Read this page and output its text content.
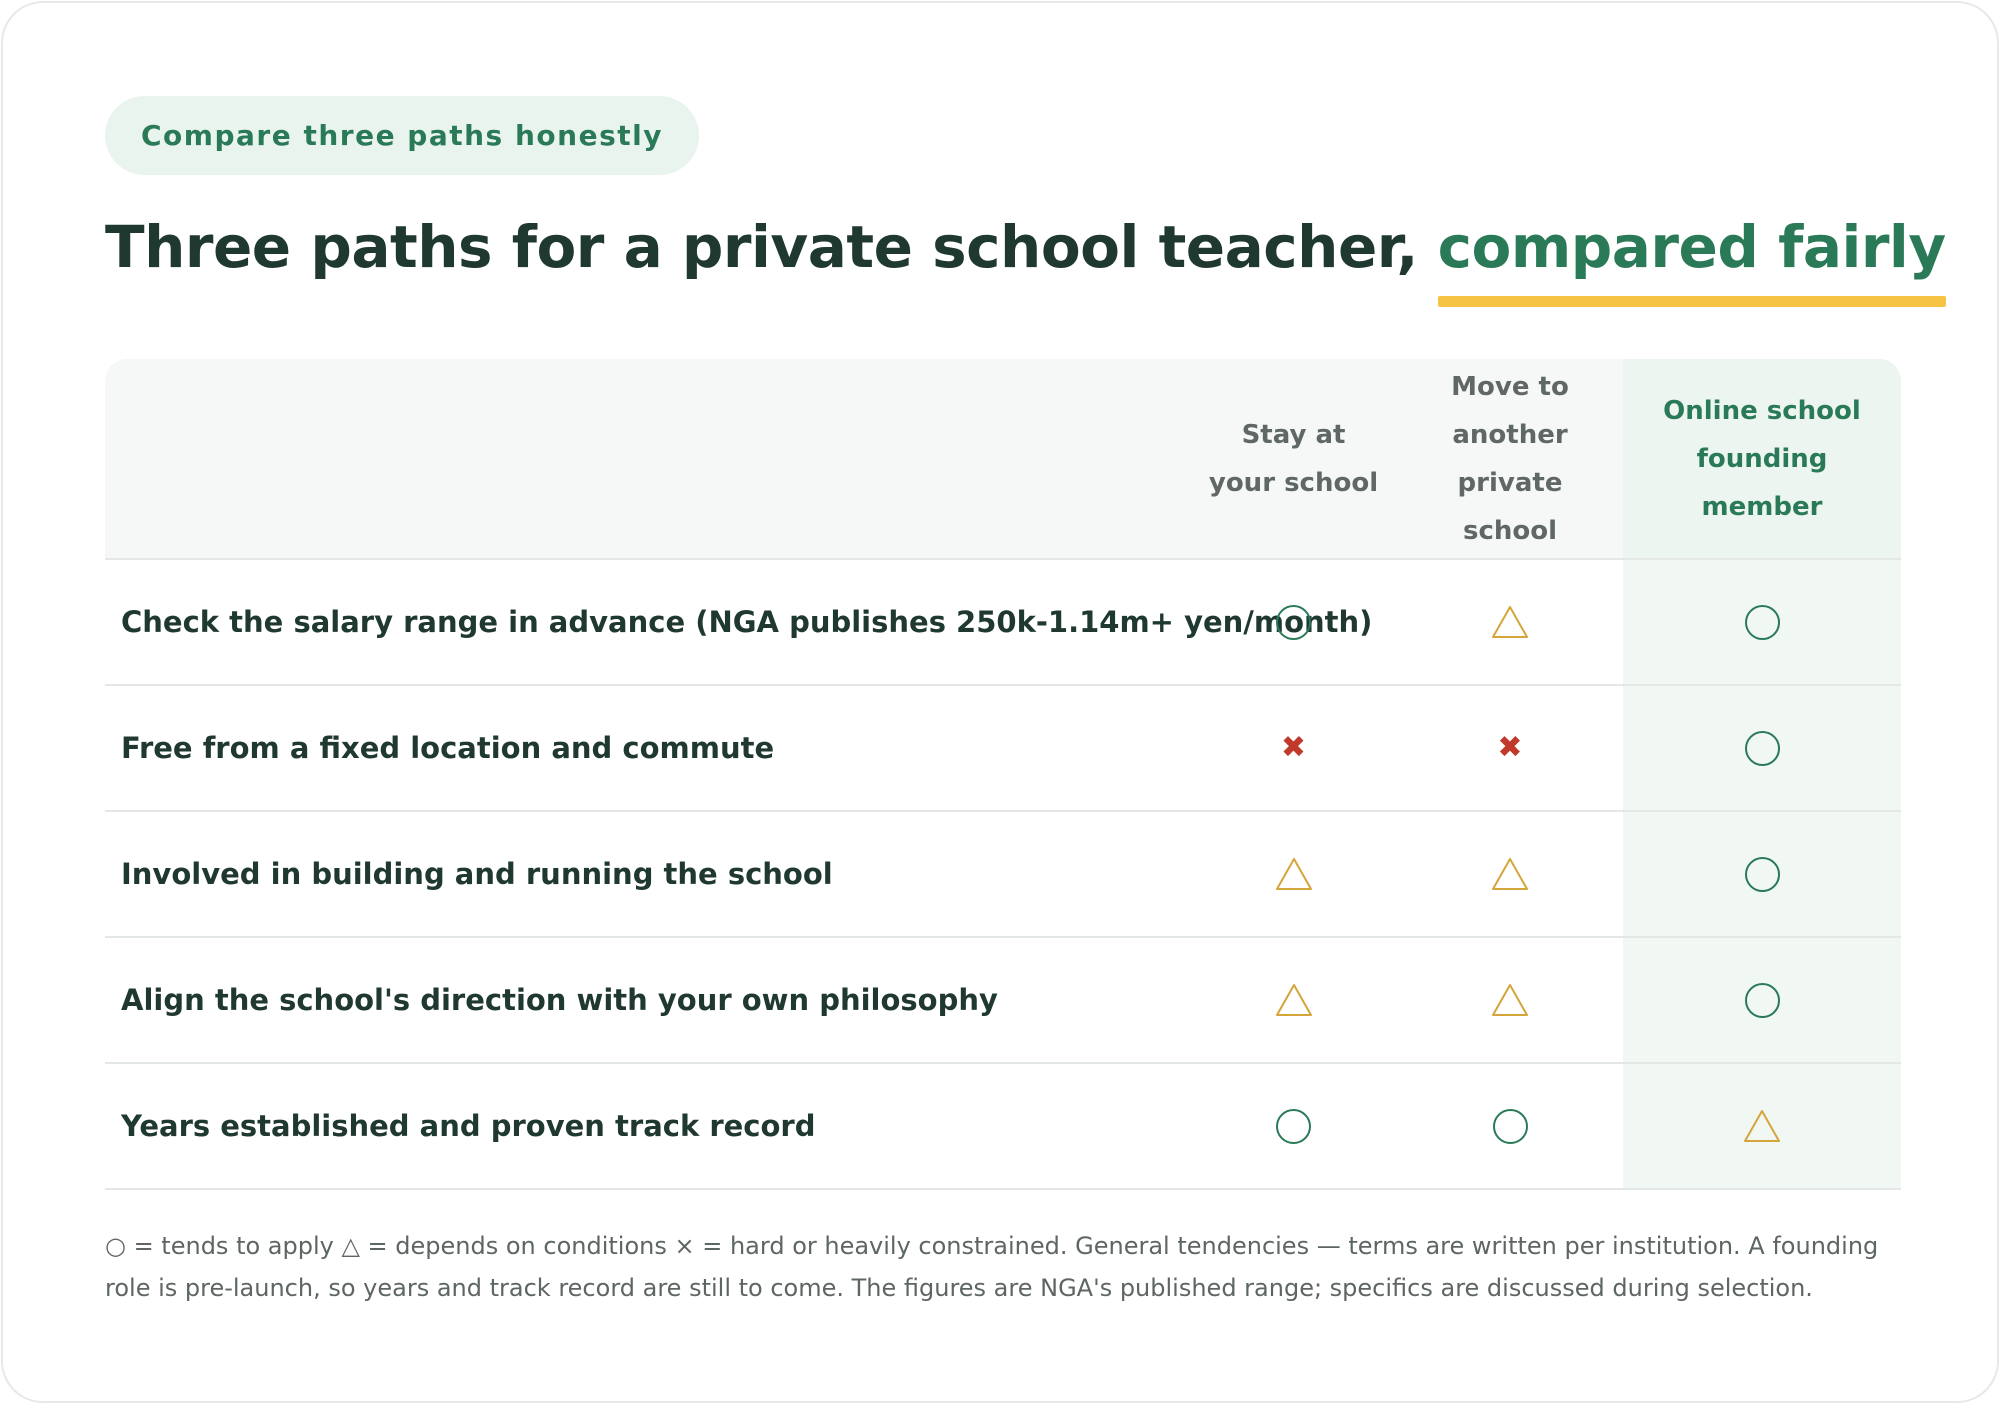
Compare three paths honestly
Three paths for a private school teacher, compared fairly
Stay at your school
Move to another private school
Online school founding member
Check the salary range in advance (NGA publishes 250k-1.14m+ yen/month)
Free from a fixed location and commute	✖	✖
Involved in building and running the school
Align the school's direction with your own philosophy
Years established and proven track record

○ = tends to apply △ = depends on conditions × = hard or heavily constrained. General tendencies — terms are written per institution. A founding role is pre-launch, so years and track record are still to come. The figures are NGA's published range; specifics are discussed during selection.
